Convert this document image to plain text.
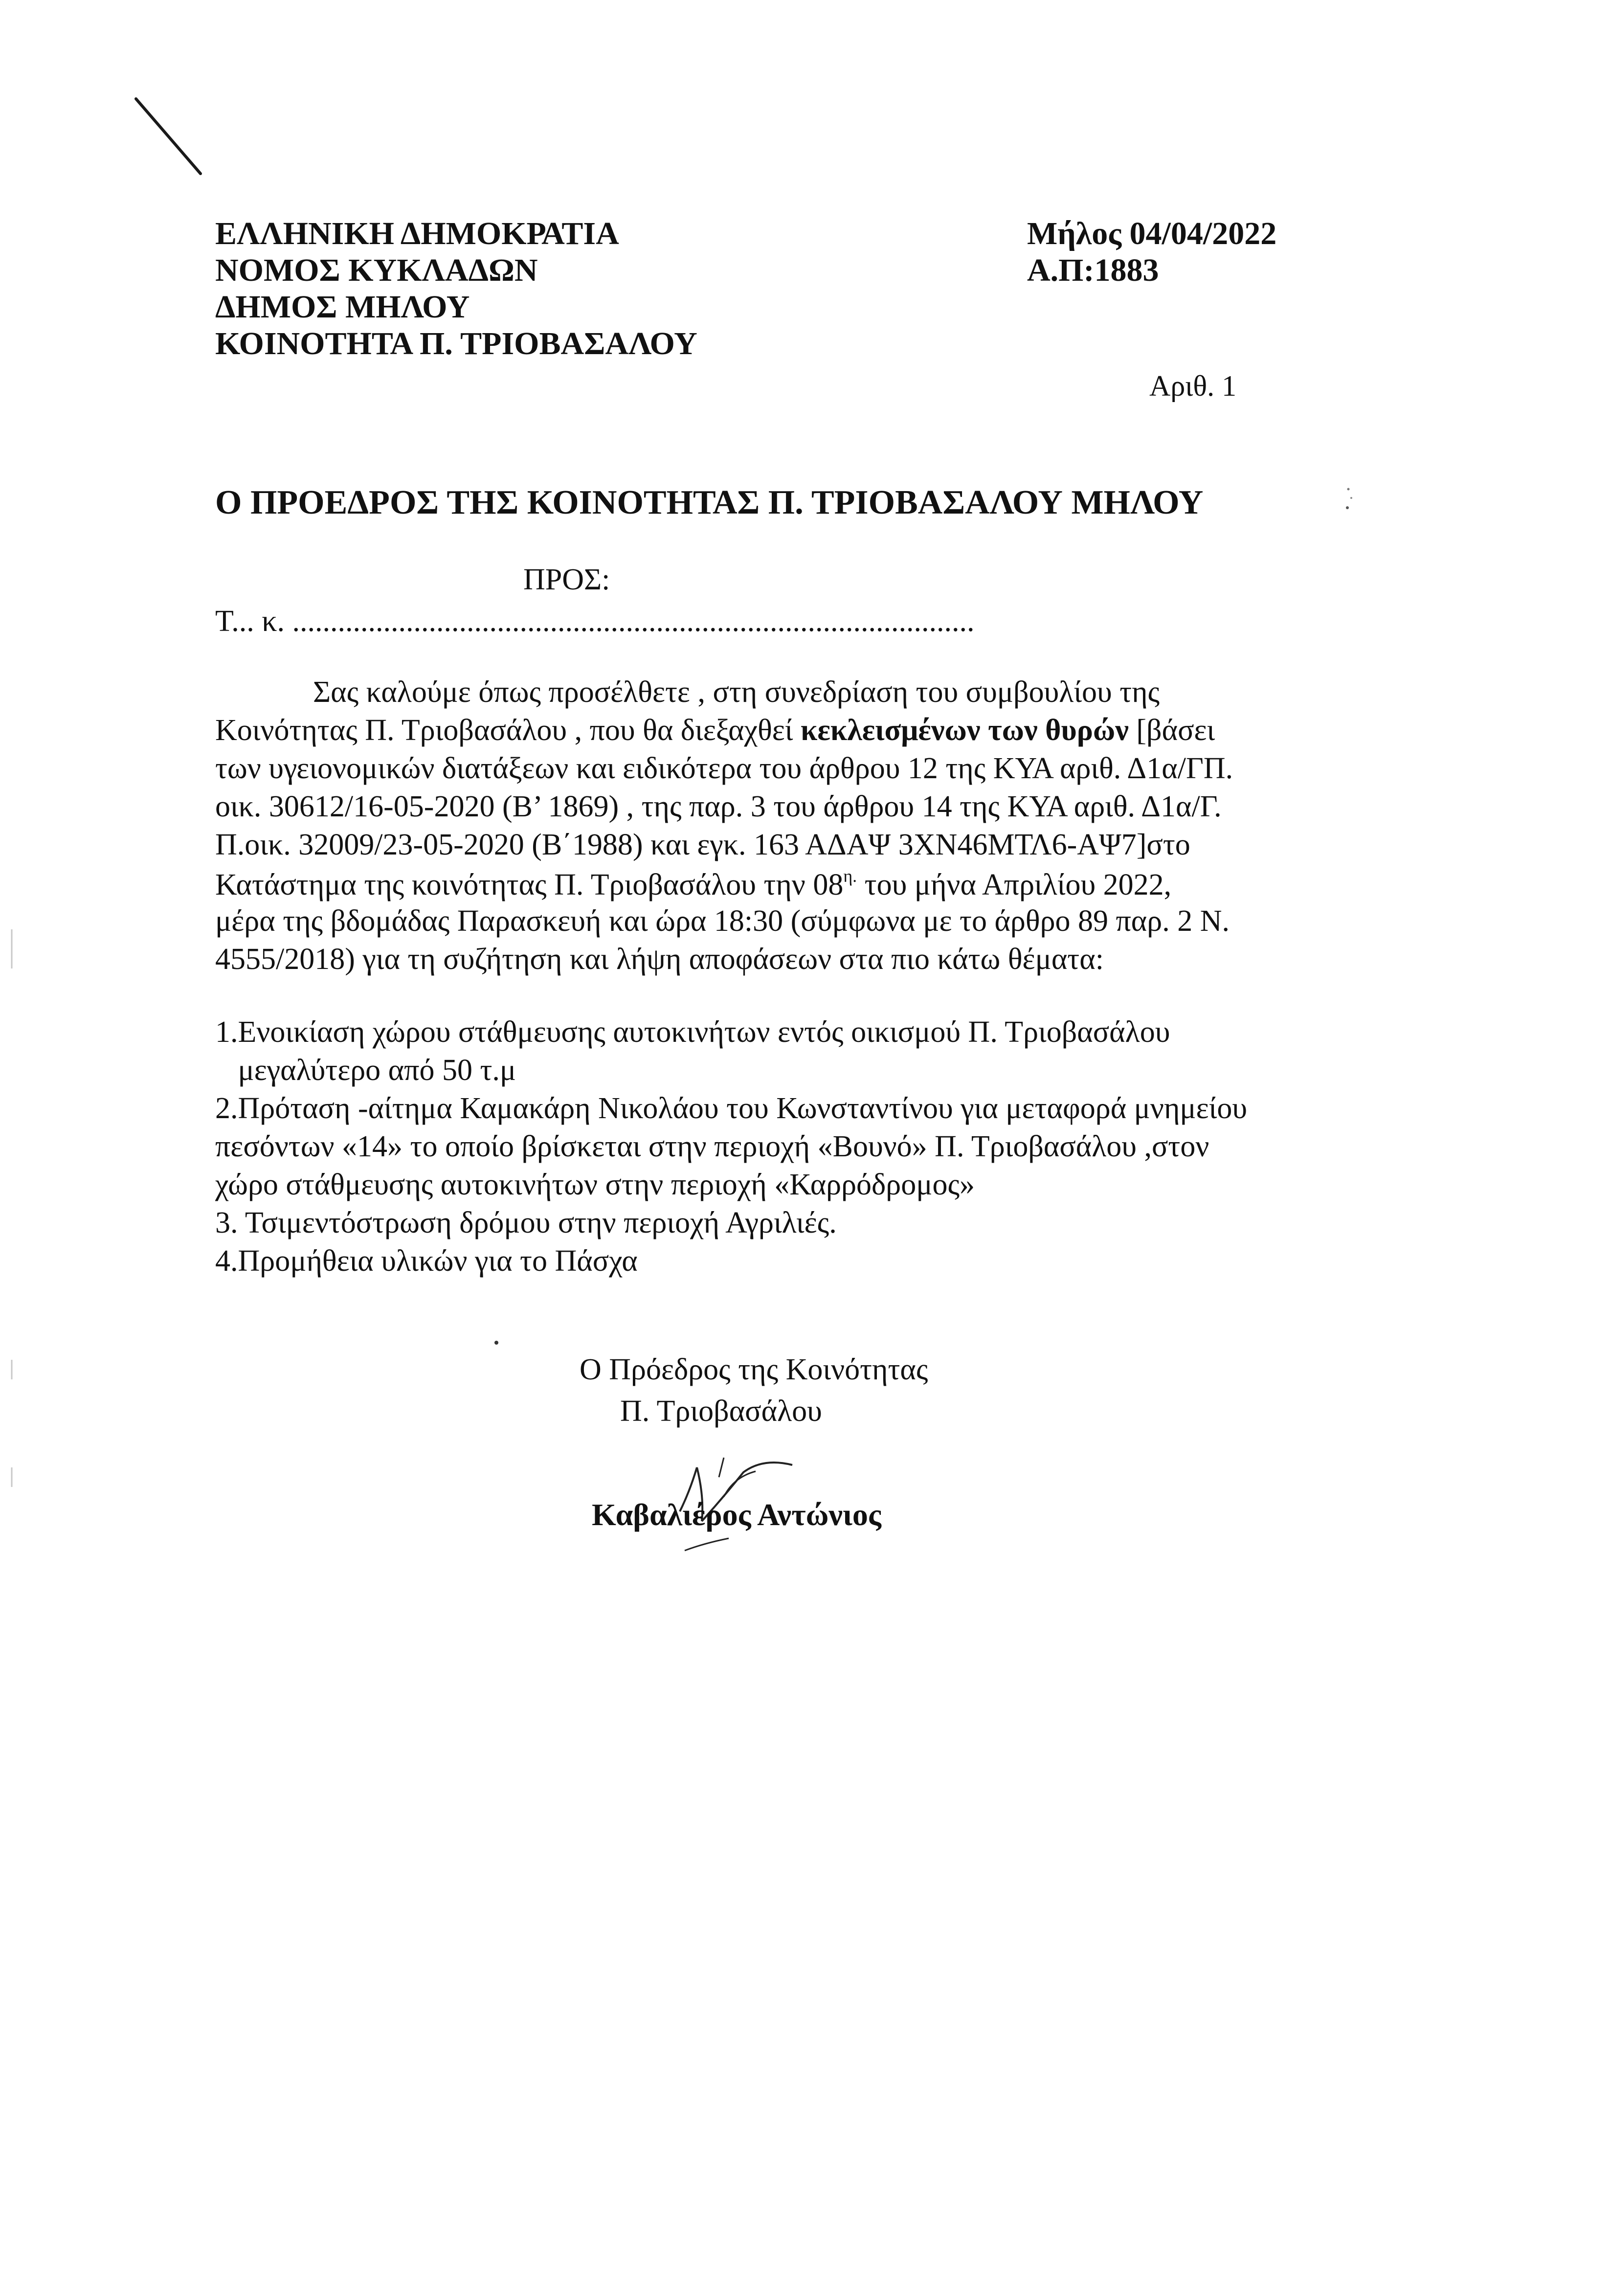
ΕΛΛΗΝΙΚΗ ΔΗΜΟΚΡΑΤΙΑ
ΝΟΜΟΣ ΚΥΚΛΑΔΩΝ
ΔΗΜΟΣ ΜΗΛΟΥ
ΚΟΙΝΟΤΗΤΑ Π. ΤΡΙΟΒΑΣΑΛΟΥ
Μήλος 04/04/2022
Α.Π:1883
Αριθ. 1
Ο ΠΡΟΕΔΡΟΣ ΤΗΣ ΚΟΙΝΟΤΗΤΑΣ Π. ΤΡΙΟΒΑΣΑΛΟΥ ΜΗΛΟΥ
ΠΡΟΣ:
Τ... κ. ..........................................................................................
Σας καλούμε όπως προσέλθετε , στη συνεδρίαση του συμβουλίου της
Κοινότητας Π. Τριοβασάλου , που θα διεξαχθεί κεκλεισμένων των θυρών [βάσει
των υγειονομικών διατάξεων και ειδικότερα του άρθρου 12 της ΚΥΑ αριθ. Δ1α/ΓΠ.
οικ. 30612/16-05-2020 (Β’ 1869) , της παρ. 3 του άρθρου 14 της ΚΥΑ αριθ. Δ1α/Γ.
Π.οικ. 32009/23-05-2020 (Β΄1988) και εγκ. 163 ΑΔΑΨ 3ΧΝ46ΜΤΛ6-ΑΨ7]στο
Κατάστημα της κοινότητας Π. Τριοβασάλου την $08^{\eta.}$ του μήνα Απριλίου 2022,
μέρα της βδομάδας Παρασκευή και ώρα 18:30 (σύμφωνα με το άρθρο 89 παρ. 2 Ν.
4555/2018) για τη συζήτηση και λήψη αποφάσεων στα πιο κάτω θέματα:
1.Ενοικίαση χώρου στάθμευσης αυτοκινήτων εντός οικισμού Π. Τριοβασάλου
μεγαλύτερο από 50 τ.μ
2.Πρόταση -αίτημα Καμακάρη Νικολάου του Κωνσταντίνου για μεταφορά μνημείου
πεσόντων «14» το οποίο βρίσκεται στην περιοχή «Βουνό» Π. Τριοβασάλου ,στον
χώρο στάθμευσης αυτοκινήτων στην περιοχή «Καρρόδρομος»
3. Τσιμεντόστρωση δρόμου στην περιοχή Αγριλιές.
4.Προμήθεια υλικών για το Πάσχα
Ο Πρόεδρος της Κοινότητας
Π. Τριοβασάλου
Καβαλιέρος Αντώνιος
